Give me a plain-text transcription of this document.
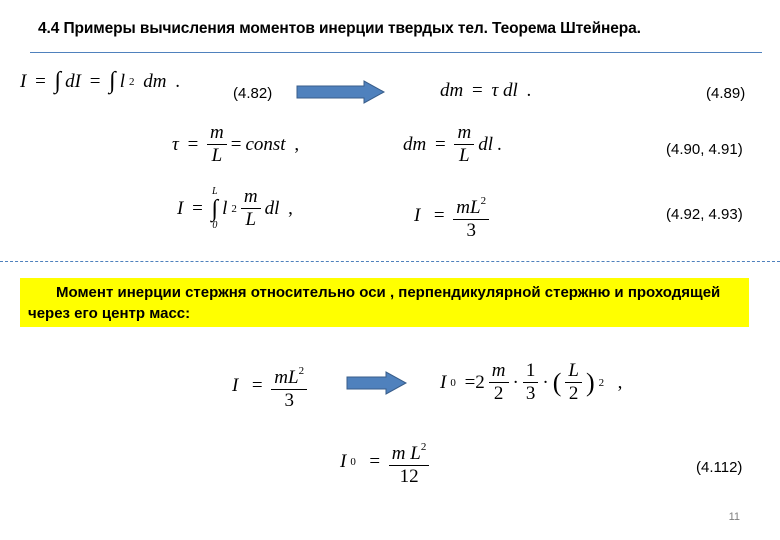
4.4 Примеры вычисления моментов инерции твердых тел. Теорема Штейнера.
I = ∫ dI = ∫ l 2 dm .
(4.82)	dm = τ dl .	(4.89)
$\tau = \frac{m}{L}$ = const ,	dm = $\frac{m}{L}$ dl .	(4.90, 4.91)
I =
L
∫
0
l $2 \frac{m}{L}$ dl ,	$I = \frac{mL^2}{3}$	(4.92, 4.93)
Момент инерции стержня относительно оси , перпендикулярной стержню и проходящей через его центр масс:
$I = \frac{mL^2}{3}$	I $0 =2 \frac{m}{2} \cdot \frac{1}{3}$ · ( $\frac{L}{2}$ ) 2 ,
I $0 = \frac{m L^2}{12}$	(4.112)
11
